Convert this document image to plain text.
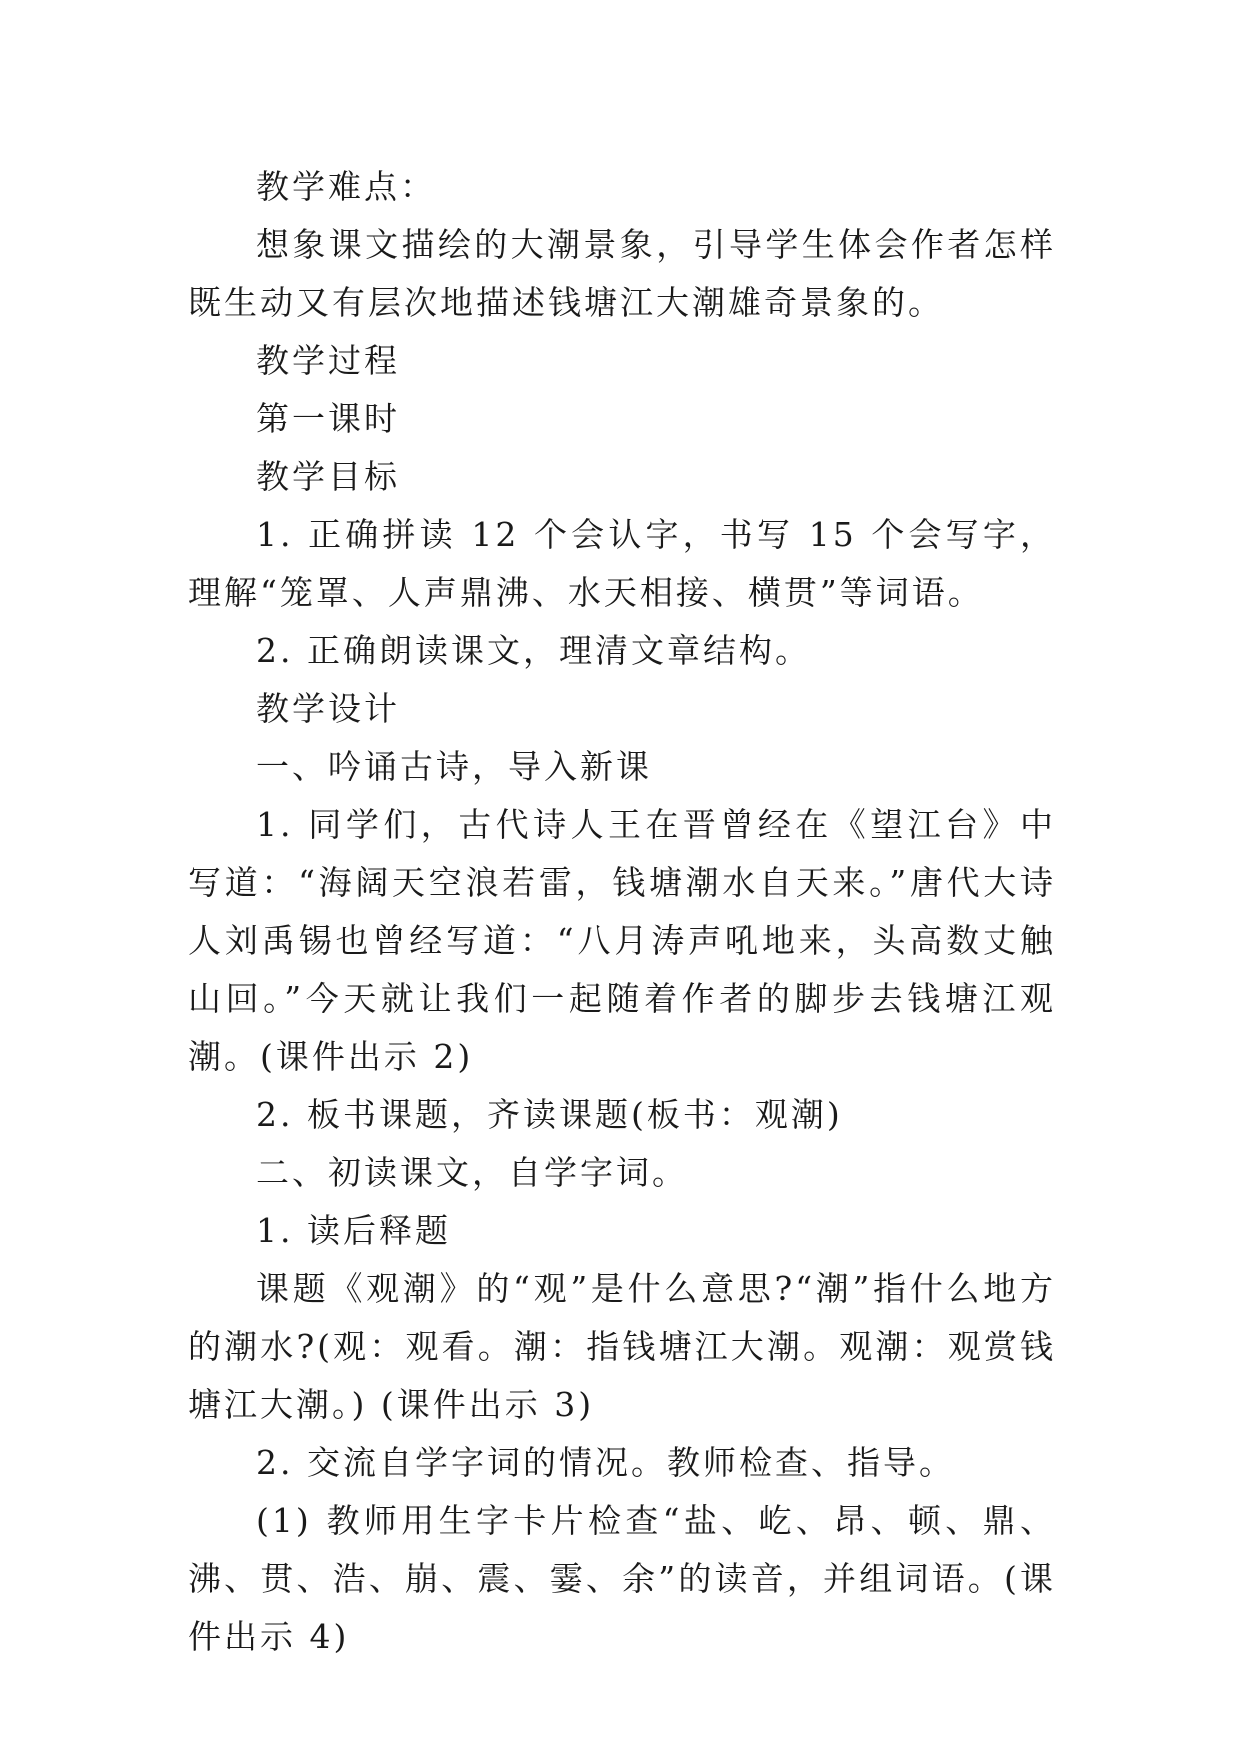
教学难点：

想象课文描绘的大潮景象，引导学生体会作者怎样既生动又有层次地描述钱塘江大潮雄奇景象的。

教学过程

第一课时

教学目标

1. 正确拼读 12 个会认字，书写 15 个会写字，理解“笼罩、人声鼎沸、水天相接、横贯”等词语。

2. 正确朗读课文，理清文章结构。

教学设计

一、吟诵古诗，导入新课

1. 同学们，古代诗人王在晋曾经在《望江台》中写道：“海阔天空浪若雷，钱塘潮水自天来。”唐代大诗人刘禹锡也曾经写道：“八月涛声吼地来，头高数丈触山回。”今天就让我们一起随着作者的脚步去钱塘江观潮。(课件出示 2)

2. 板书课题，齐读课题(板书：观潮)

二、初读课文，自学字词。

1. 读后释题

课题《观潮》的“观”是什么意思?“潮”指什么地方的潮水?(观：观看。潮：指钱塘江大潮。观潮：观赏钱塘江大潮。) (课件出示 3)

2. 交流自学字词的情况。教师检查、指导。

(1) 教师用生字卡片检查“盐、屹、昂、顿、鼎、沸、贯、浩、崩、震、霎、余”的读音，并组词语。(课件出示 4)
